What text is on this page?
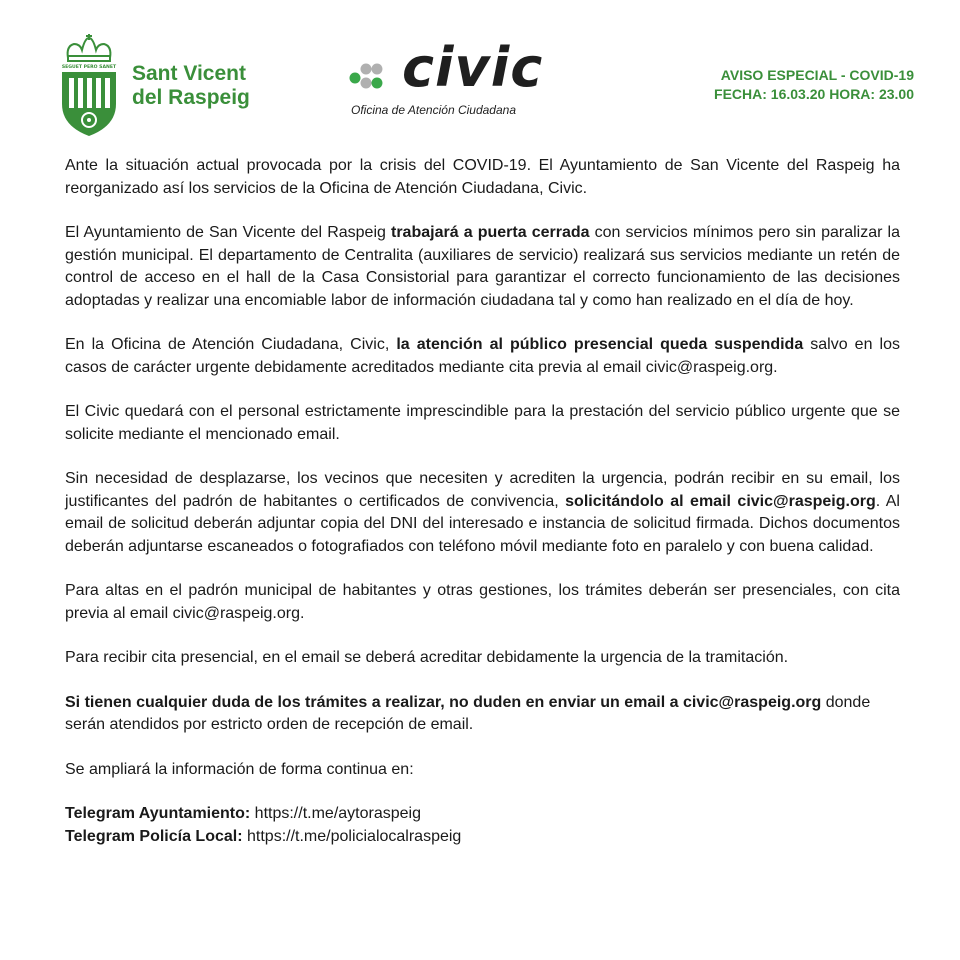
SEGUET PERO SANET Sant Vicent
del Raspeig	civic
Oficina de Atención Ciudadana
AVISO ESPECIAL - COVID-19
FECHA: 16.03.20 HORA: 23.00

Ante la situación actual provocada por la crisis del COVID-19. El Ayuntamiento de San Vicente del Raspeig ha reorganizado así los servicios de la Oficina de Atención Ciudadana, Civic.

El Ayuntamiento de San Vicente del Raspeig trabajará a puerta cerrada con servicios mínimos pero sin paralizar la gestión municipal. El departamento de Centralita (auxiliares de servicio) realizará sus servicios mediante un retén de control de acceso en el hall de la Casa Consistorial para garantizar el correcto funcionamiento de las decisiones adoptadas y realizar una encomiable labor de información ciudadana tal y como han realizado en el día de hoy.

En la Oficina de Atención Ciudadana, Civic, la atención al público presencial queda suspendida salvo en los casos de carácter urgente debidamente acreditados mediante cita previa al email civic@raspeig.org.

El Civic quedará con el personal estrictamente imprescindible para la prestación del servicio público urgente que se solicite mediante el mencionado email.

Sin necesidad de desplazarse, los vecinos que necesiten y acrediten la urgencia, podrán recibir en su email, los justificantes del padrón de habitantes o certificados de convivencia, solicitándolo al email civic@raspeig.org. Al email de solicitud deberán adjuntar copia del DNI del interesado e instancia de solicitud firmada. Dichos documentos deberán adjuntarse escaneados o fotografiados con teléfono móvil mediante foto en paralelo y con buena calidad.

Para altas en el padrón municipal de habitantes y otras gestiones, los trámites deberán ser presenciales, con cita previa al email civic@raspeig.org.

Para recibir cita presencial, en el email se deberá acreditar debidamente la urgencia de la tramitación.

Si tienen cualquier duda de los trámites a realizar, no duden en enviar un email a civic@raspeig.org donde serán atendidos por estricto orden de recepción de email.

Se ampliará la información de forma continua en:

Telegram Ayuntamiento: https://t.me/aytoraspeig

Telegram Policía Local: https://t.me/policialocalraspeig
